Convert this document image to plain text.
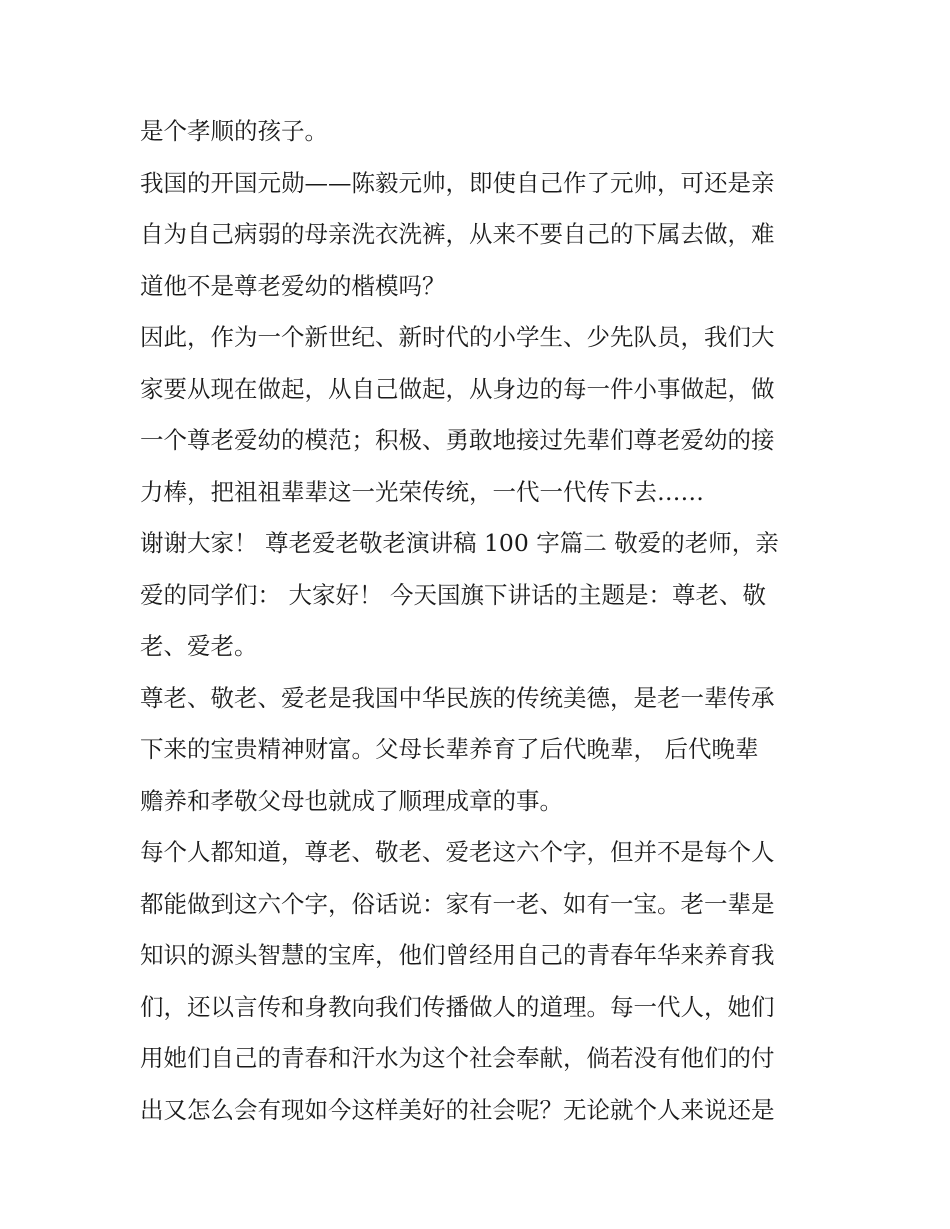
是个孝顺的孩子。
我国的开国元勋——陈毅元帅，即使自己作了元帅，可还是亲
自为自己病弱的母亲洗衣洗裤，从来不要自己的下属去做，难
道他不是尊老爱幼的楷模吗？
因此，作为一个新世纪、新时代的小学生、少先队员，我们大
家要从现在做起，从自己做起，从身边的每一件小事做起，做
一个尊老爱幼的模范；积极、勇敢地接过先辈们尊老爱幼的接
力棒，把祖祖辈辈这一光荣传统，一代一代传下去……
谢谢大家！ 尊老爱老敬老演讲稿 100 字篇二 敬爱的老师，亲
爱的同学们： 大家好！ 今天国旗下讲话的主题是：尊老、敬
老、爱老。
尊老、敬老、爱老是我国中华民族的传统美德，是老一辈传承
下来的宝贵精神财富。父母长辈养育了后代晚辈， 后代晚辈
赡养和孝敬父母也就成了顺理成章的事。
每个人都知道，尊老、敬老、爱老这六个字，但并不是每个人
都能做到这六个字，俗话说：家有一老、如有一宝。老一辈是
知识的源头智慧的宝库，他们曾经用自己的青春年华来养育我
们，还以言传和身教向我们传播做人的道理。每一代人，她们
用她们自己的青春和汗水为这个社会奉献，倘若没有他们的付
出又怎么会有现如今这样美好的社会呢？无论就个人来说还是
